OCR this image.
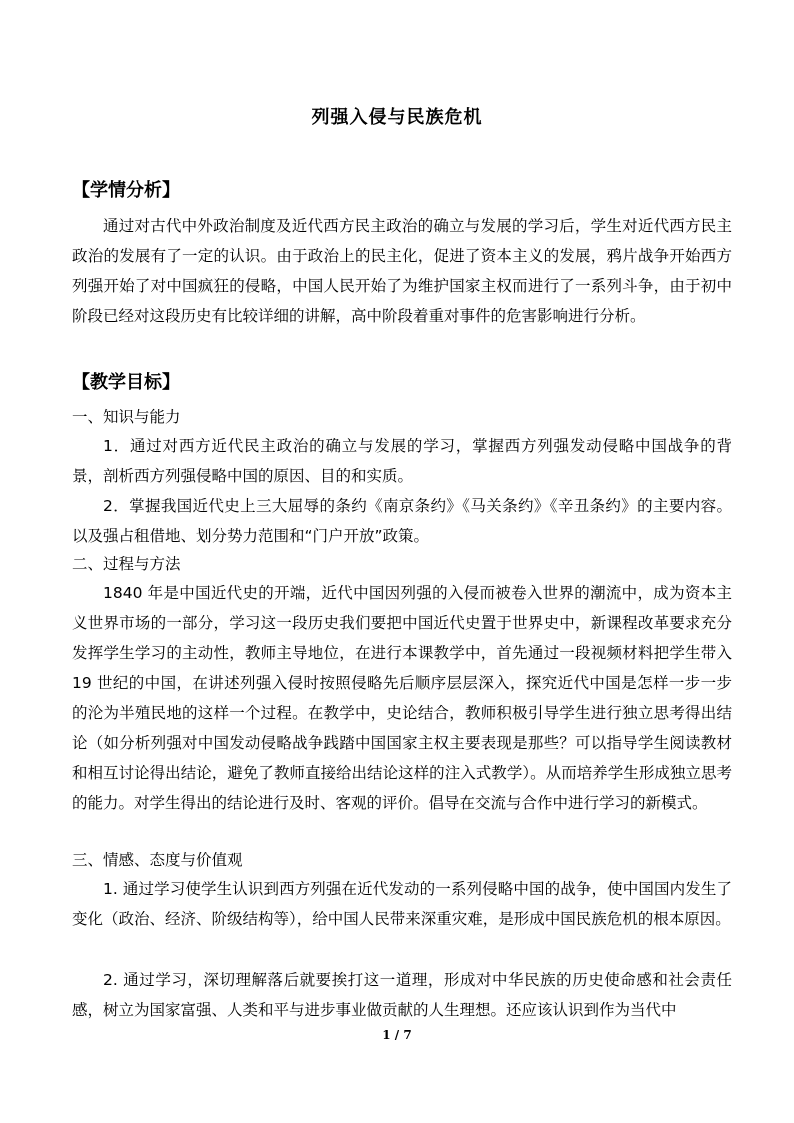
列强入侵与民族危机
【学情分析】

通过对古代中外政治制度及近代西方民主政治的确立与发展的学习后，学生对近代西方民主政治的发展有了一定的认识。由于政治上的民主化，促进了资本主义的发展，鸦片战争开始西方列强开始了对中国疯狂的侵略，中国人民开始了为维护国家主权而进行了一系列斗争，由于初中阶段已经对这段历史有比较详细的讲解，高中阶段着重对事件的危害影响进行分析。

【教学目标】

一、知识与能力

1．通过对西方近代民主政治的确立与发展的学习，掌握西方列强发动侵略中国战争的背景，剖析西方列强侵略中国的原因、目的和实质。

2．掌握我国近代史上三大屈辱的条约《南京条约》《马关条约》《辛丑条约》的主要内容。以及强占租借地、划分势力范围和“门户开放”政策。

二、过程与方法

1840 年是中国近代史的开端，近代中国因列强的入侵而被卷入世界的潮流中，成为资本主义世界市场的一部分，学习这一段历史我们要把中国近代史置于世界史中，新课程改革要求充分发挥学生学习的主动性，教师主导地位，在进行本课教学中，首先通过一段视频材料把学生带入 19 世纪的中国，在讲述列强入侵时按照侵略先后顺序层层深入，探究近代中国是怎样一步一步的沦为半殖民地的这样一个过程。在教学中，史论结合，教师积极引导学生进行独立思考得出结论（如分析列强对中国发动侵略战争践踏中国国家主权主要表现是那些？可以指导学生阅读教材和相互讨论得出结论，避免了教师直接给出结论这样的注入式教学）。从而培养学生形成独立思考的能力。对学生得出的结论进行及时、客观的评价。倡导在交流与合作中进行学习的新模式。

三、情感、态度与价值观

1. 通过学习使学生认识到西方列强在近代发动的一系列侵略中国的战争，使中国国内发生了变化（政治、经济、阶级结构等），给中国人民带来深重灾难，是形成中国民族危机的根本原因。

2. 通过学习，深切理解落后就要挨打这一道理，形成对中华民族的历史使命感和社会责任感，树立为国家富强、人类和平与进步事业做贡献的人生理想。还应该认识到作为当代中

1 / 7
